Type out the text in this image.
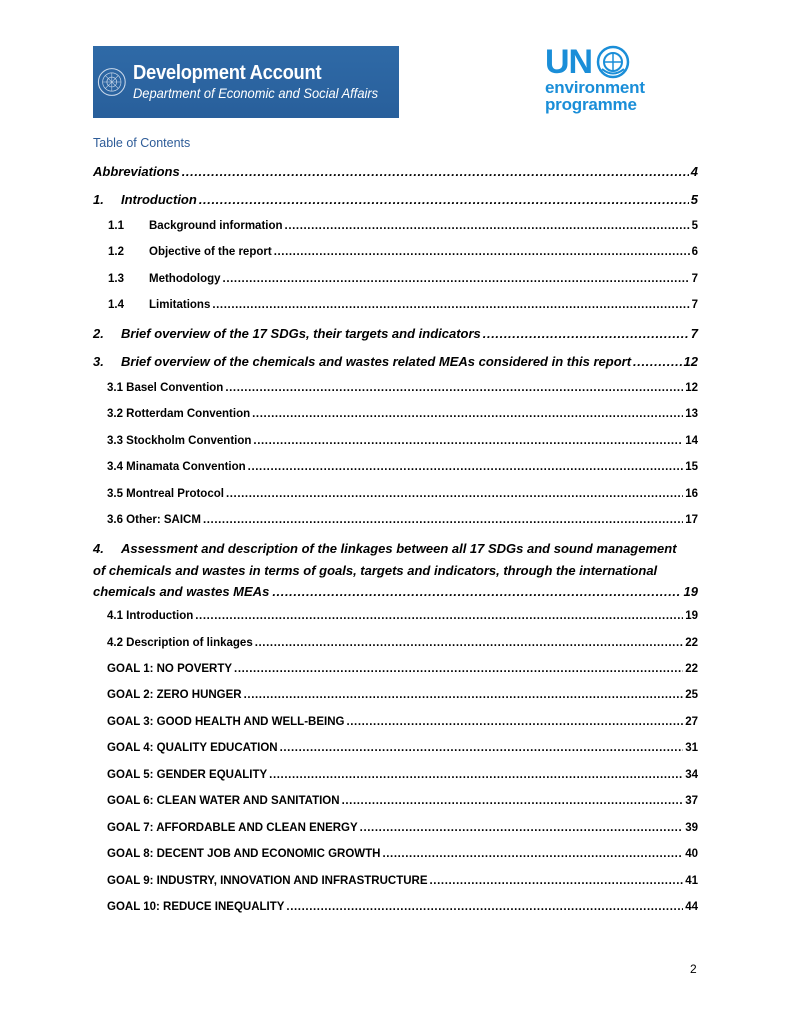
Development Account
Department of Economic and Social Affairs
UN
environment
programme
Table of Contents
Abbreviations .....	4
1.	Introduction .....	5
1.1	Background information .....	5
1.2	Objective of the report .....	6
1.3	Methodology .....	7
1.4	Limitations .....	7
2.	Brief overview of the 17 SDGs, their targets and indicators .....	7
3.	Brief overview of the chemicals and wastes related MEAs considered in this report .....	12
3.1 Basel Convention .....	12
3.2 Rotterdam Convention .....	13
3.3 Stockholm Convention .....	14
3.4 Minamata Convention .....	15
3.5 Montreal Protocol .....	16
3.6 Other: SAICM .....	17
4. Assessment and description of the linkages between all 17 SDGs and sound management
of chemicals and wastes in terms of goals, targets and indicators, through the international
chemicals and wastes MEAs .....	19
4.1 Introduction .....	19
4.2 Description of linkages .....	22
GOAL 1: NO POVERTY .....	22
GOAL 2: ZERO HUNGER .....	25
GOAL 3: GOOD HEALTH AND WELL-BEING .....	27
GOAL 4: QUALITY EDUCATION .....	31
GOAL 5: GENDER EQUALITY .....	34
GOAL 6: CLEAN WATER AND SANITATION .....	37
GOAL 7: AFFORDABLE AND CLEAN ENERGY .....	39
GOAL 8: DECENT JOB AND ECONOMIC GROWTH .....	40
GOAL 9: INDUSTRY, INNOVATION AND INFRASTRUCTURE .....	41
GOAL 10: REDUCE INEQUALITY .....	44
2
